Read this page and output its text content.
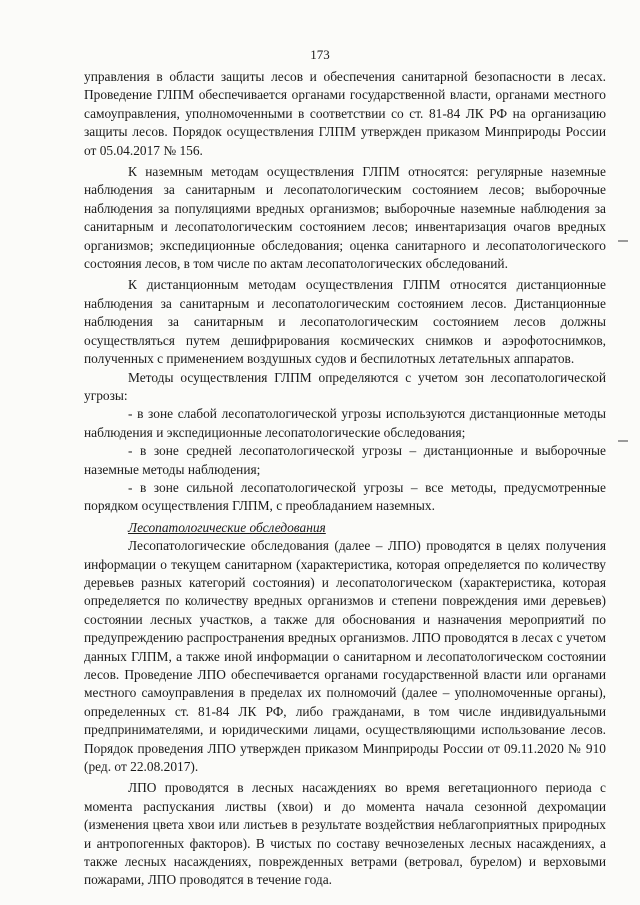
173

управления в области защиты лесов и обеспечения санитарной безопасности в лесах. Проведение ГЛПМ обеспечивается органами государственной власти, органами местного самоуправления, уполномоченными в соответствии со ст. 81-84 ЛК РФ на организацию защиты лесов. Порядок осуществления ГЛПМ утвержден приказом Минприроды России от 05.04.2017 № 156.

К наземным методам осуществления ГЛПМ относятся: регулярные наземные наблюдения за санитарным и лесопатологическим состоянием лесов; выборочные наблюдения за популяциями вредных организмов; выборочные наземные наблюдения за санитарным и лесопатологическим состоянием лесов; инвентаризация очагов вредных организмов; экспедиционные обследования; оценка санитарного и лесопатологического состояния лесов, в том числе по актам лесопатологических обследований.

К дистанционным методам осуществления ГЛПМ относятся дистанционные наблюдения за санитарным и лесопатологическим состоянием лесов. Дистанционные наблюдения за санитарным и лесопатологическим состоянием лесов должны осуществляться путем дешифрирования космических снимков и аэрофотоснимков, полученных с применением воздушных судов и беспилотных летательных аппаратов.

Методы осуществления ГЛПМ определяются с учетом зон лесопатологической угрозы:

- в зоне слабой лесопатологической угрозы используются дистанционные методы наблюдения и экспедиционные лесопатологические обследования;

- в зоне средней лесопатологической угрозы – дистанционные и выборочные наземные методы наблюдения;

- в зоне сильной лесопатологической угрозы – все методы, предусмотренные порядком осуществления ГЛПМ, с преобладанием наземных.

Лесопатологические обследования

Лесопатологические обследования (далее – ЛПО) проводятся в целях получения информации о текущем санитарном (характеристика, которая определяется по количеству деревьев разных категорий состояния) и лесопатологическом (характеристика, которая определяется по количеству вредных организмов и степени повреждения ими деревьев) состоянии лесных участков, а также для обоснования и назначения мероприятий по предупреждению распространения вредных организмов. ЛПО проводятся в лесах с учетом данных ГЛПМ, а также иной информации о санитарном и лесопатологическом состоянии лесов. Проведение ЛПО обеспечивается органами государственной власти или органами местного самоуправления в пределах их полномочий (далее – уполномоченные органы), определенных ст. 81-84 ЛК РФ, либо гражданами, в том числе индивидуальными предпринимателями, и юридическими лицами, осуществляющими использование лесов. Порядок проведения ЛПО утвержден приказом Минприроды России от 09.11.2020 № 910 (ред. от 22.08.2017).

ЛПО проводятся в лесных насаждениях во время вегетационного периода с момента распускания листвы (хвои) и до момента начала сезонной дехромации (изменения цвета хвои или листьев в результате воздействия неблагоприятных природных и антропогенных факторов). В чистых по составу вечнозеленых лесных насаждениях, а также лесных насаждениях, поврежденных ветрами (ветровал, бурелом) и верховыми пожарами, ЛПО проводятся в течение года.
